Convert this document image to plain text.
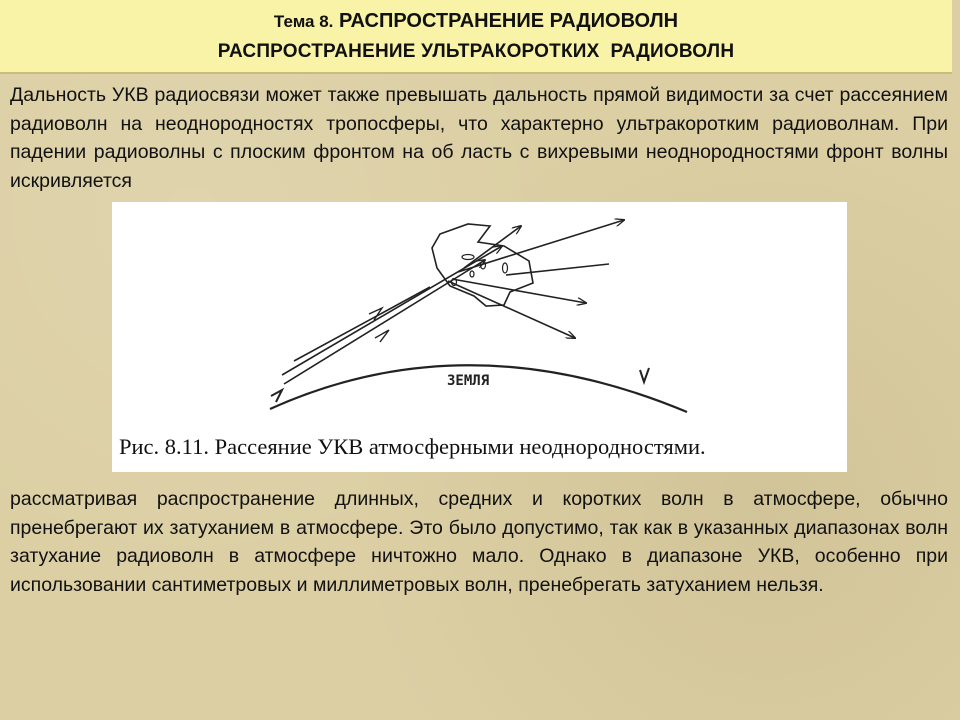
Тема 8. РАСПРОСТРАНЕНИЕ РАДИОВОЛН
РАСПРОСТРАНЕНИЕ УЛЬТРАКОРОТКИХ  РАДИОВОЛН
Дальность УКВ радиосвязи может также превышать дальность прямой видимости за счет рассеянием радиоволн на неоднородностях тропосферы, что характерно ультракоротким радиоволнам. При падении радиоволны с плоским фронтом на об ласть с вихревыми неоднородностями фронт волны искривляется
ЗЕМЛЯ
Рис. 8.11. Рассеяние УКВ атмосферными неоднородностями.
рассматривая распространение длинных, средних и коротких волн в атмосфере, обычно пренебрегают их затуханием в атмосфере. Это было допустимо, так как в указанных диапазонах волн затухание радиоволн в атмосфере ничтожно мало. Однако в диапазоне УКВ, особенно при использовании сантиметровых и миллиметровых волн, пренебрегать затуханием нельзя.
